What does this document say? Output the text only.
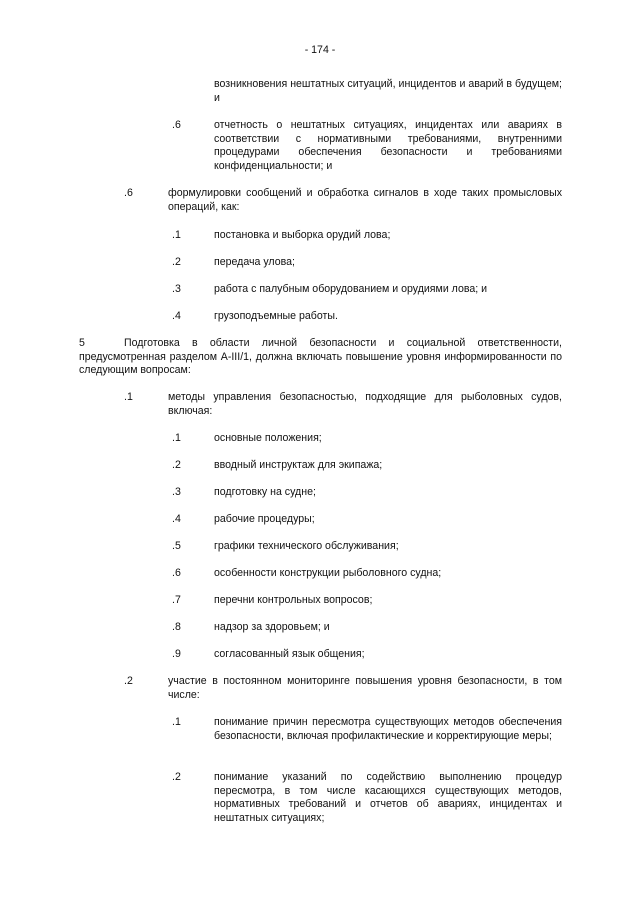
- 174 -
возникновения нештатных ситуаций, инцидентов и аварий в будущем; и
.6	отчетность о нештатных ситуациях, инцидентах или авариях в соответствии с нормативными требованиями, внутренними процедурами обеспечения безопасности и требованиями конфиденциальности; и
.6	формулировки сообщений и обработка сигналов в ходе таких промысловых операций, как:
.1	постановка и выборка орудий лова;
.2	передача улова;
.3	работа с палубным оборудованием и орудиями лова; и
.4	грузоподъемные работы.
5	Подготовка в области личной безопасности и социальной ответственности, предусмотренная разделом A-III/1, должна включать повышение уровня информированности по следующим вопросам:
.1	методы управления безопасностью, подходящие для рыболовных судов, включая:
.1	основные положения;
.2	вводный инструктаж для экипажа;
.3	подготовку на судне;
.4	рабочие процедуры;
.5	графики технического обслуживания;
.6	особенности конструкции рыболовного судна;
.7	перечни контрольных вопросов;
.8	надзор за здоровьем; и
.9	согласованный язык общения;
.2	участие в постоянном мониторинге повышения уровня безопасности, в том числе:
.1	понимание причин пересмотра существующих методов обеспечения безопасности, включая профилактические и корректирующие меры;
.2	понимание указаний по содействию выполнению процедур пересмотра, в том числе касающихся существующих методов, нормативных требований и отчетов об авариях, инцидентах и нештатных ситуациях;
